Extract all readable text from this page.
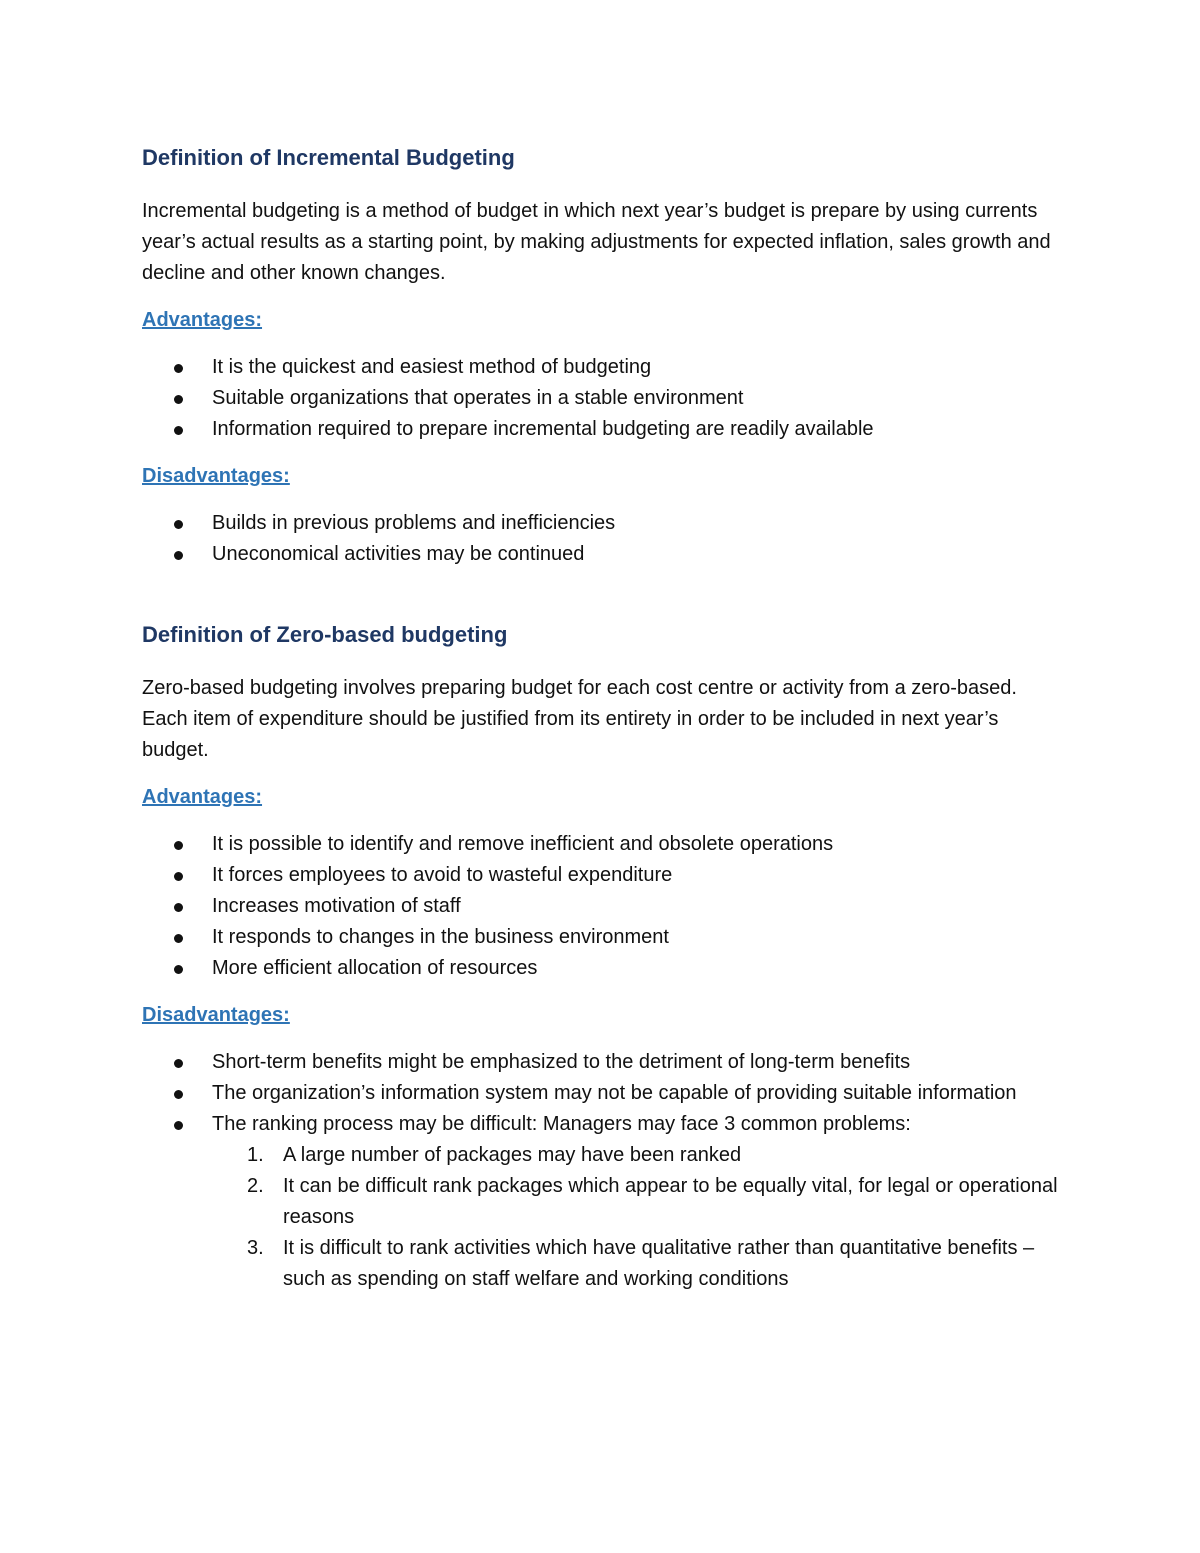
Definition of Incremental Budgeting

Incremental budgeting is a method of budget in which next year’s budget is prepare by using currents year’s actual results as a starting point, by making adjustments for expected inflation, sales growth and decline and other known changes.

Advantages:
It is the quickest and easiest method of budgeting
Suitable organizations that operates in a stable environment
Information required to prepare incremental budgeting are readily available
Disadvantages:
Builds in previous problems and inefficiencies
Uneconomical activities may be continued
Definition of Zero-based budgeting

Zero-based budgeting involves preparing budget for each cost centre or activity from a zero-based. Each item of expenditure should be justified from its entirety in order to be included in next year’s budget.

Advantages:
It is possible to identify and remove inefficient and obsolete operations
It forces employees to avoid to wasteful expenditure
Increases motivation of staff
It responds to changes in the business environment
More efficient allocation of resources
Disadvantages:
Short-term benefits might be emphasized to the detriment of long-term benefits
The organization’s information system may not be capable of providing suitable information
The ranking process may be difficult: Managers may face 3 common problems:
1. A large number of packages may have been ranked
2. It can be difficult rank packages which appear to be equally vital, for legal or operational reasons
3. It is difficult to rank activities which have qualitative rather than quantitative benefits – such as spending on staff welfare and working conditions
